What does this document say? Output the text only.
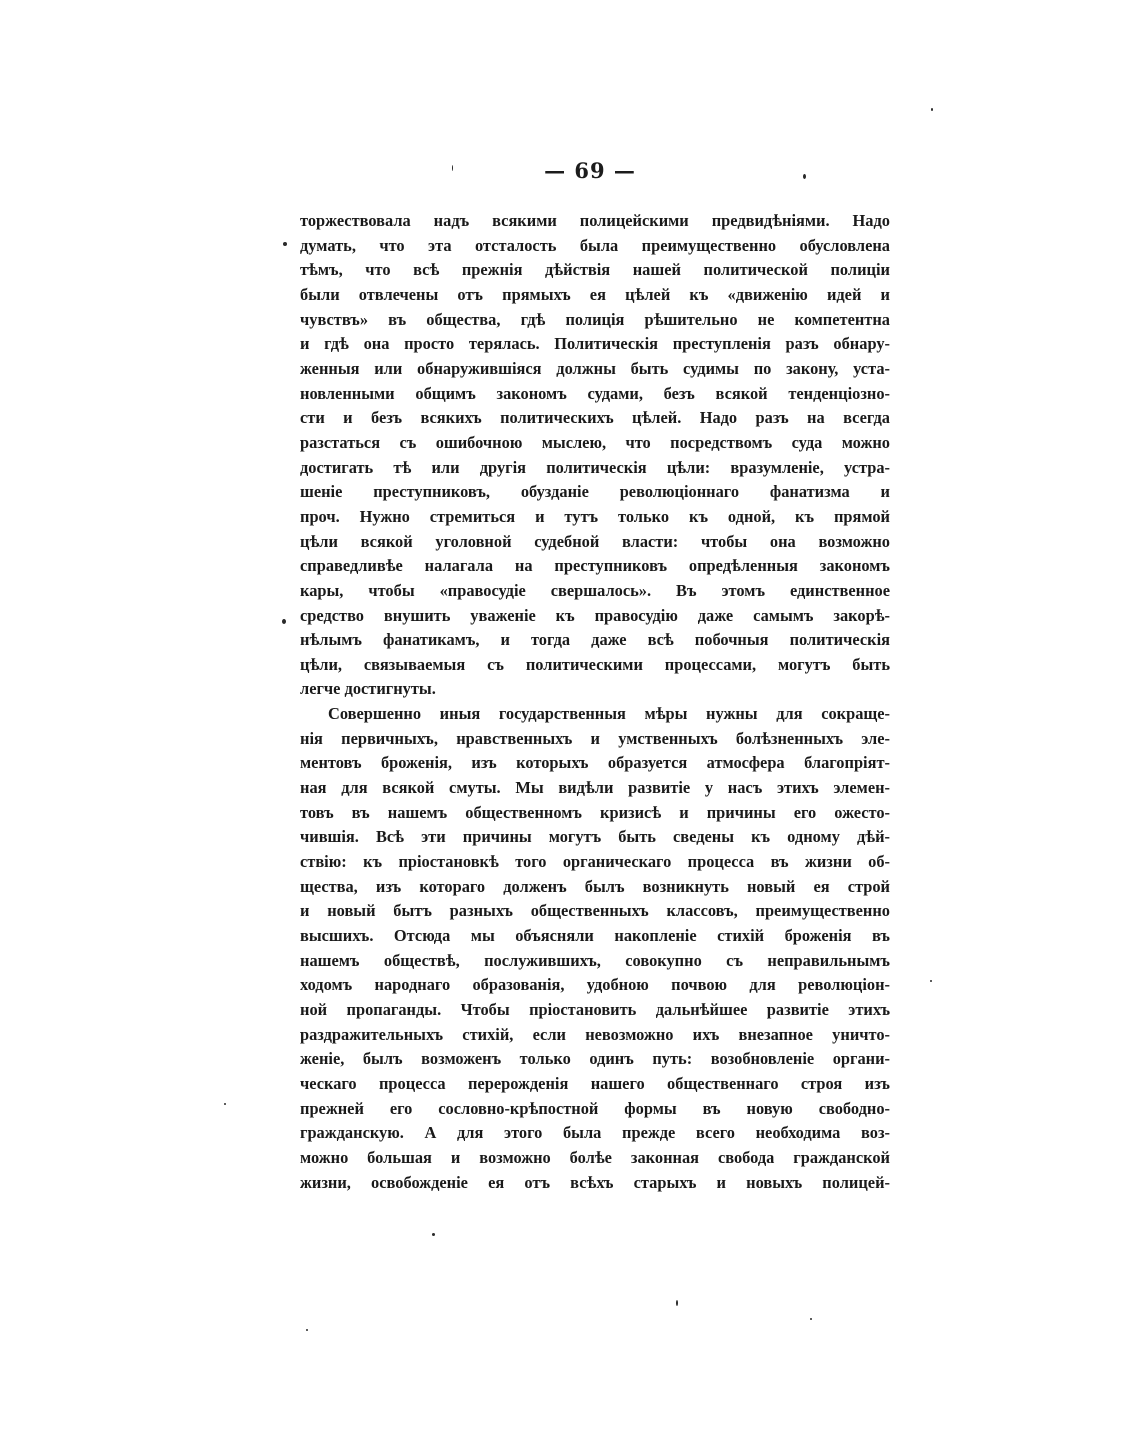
— 69 —

торжествовала надъ всякими полицейскими предвидѣніями. Надо
думать, что эта отсталость была преимущественно обусловлена
тѣмъ, что всѣ прежнія дѣйствія нашей политической полиціи
были отвлечены отъ прямыхъ ея цѣлей къ «движенію идей и
чувствъ» въ общества, гдѣ полиція рѣшительно не компетентна
и гдѣ она просто терялась. Политическія преступленія разъ обнару-
женныя или обнаружившіяся должны быть судимы по закону, уста-
новленными общимъ закономъ судами, безъ всякой тенденціозно-
сти и безъ всякихъ политическихъ цѣлей. Надо разъ на всегда
разстаться съ ошибочною мыслею, что посредствомъ суда можно
достигать тѣ или другія политическія цѣли: вразумленіе, устра-
шеніе преступниковъ, обузданіе революціоннаго фанатизма и
проч. Нужно стремиться и тутъ только къ одной, къ прямой
цѣли всякой уголовной судебной власти: чтобы она возможно
справедливѣе налагала на преступниковъ опредѣленныя закономъ
кары, чтобы «правосудіе свершалось». Въ этомъ единственное
средство внушить уваженіе къ правосудію даже самымъ закорѣ-
нѣлымъ фанатикамъ, и тогда даже всѣ побочныя политическія
цѣли, связываемыя съ политическими процессами, могутъ быть
легче достигнуты.

Совершенно иныя государственныя мѣры нужны для сокраще-
нія первичныхъ, нравственныхъ и умственныхъ болѣзненныхъ эле-
ментовъ броженія, изъ которыхъ образуется атмосфера благопріят-
ная для всякой смуты. Мы видѣли развитіе у насъ этихъ элемен-
товъ въ нашемъ общественномъ кризисѣ и причины его ожесто-
чившія. Всѣ эти причины могутъ быть сведены къ одному дѣй-
ствію: къ пріостановкѣ того органическаго процесса въ жизни об-
щества, изъ котораго долженъ былъ возникнуть новый ея строй
и новый бытъ разныхъ общественныхъ классовъ, преимущественно
высшихъ. Отсюда мы объясняли накопленіе стихій броженія въ
нашемъ обществѣ, послужившихъ, совокупно съ неправильнымъ
ходомъ народнаго образованія, удобною почвою для революціон-
ной пропаганды. Чтобы пріостановить дальнѣйшее развитіе этихъ
раздражительныхъ стихій, если невозможно ихъ внезапное уничто-
женіе, былъ возможенъ только одинъ путь: возобновленіе органи-
ческаго процесса перерожденія нашего общественнаго строя изъ
прежней его сословно-крѣпостной формы въ новую свободно-
гражданскую. А для этого была прежде всего необходима воз-
можно большая и возможно болѣе законная свобода гражданской
жизни, освобожденіе ея отъ всѣхъ старыхъ и новыхъ полицей-
